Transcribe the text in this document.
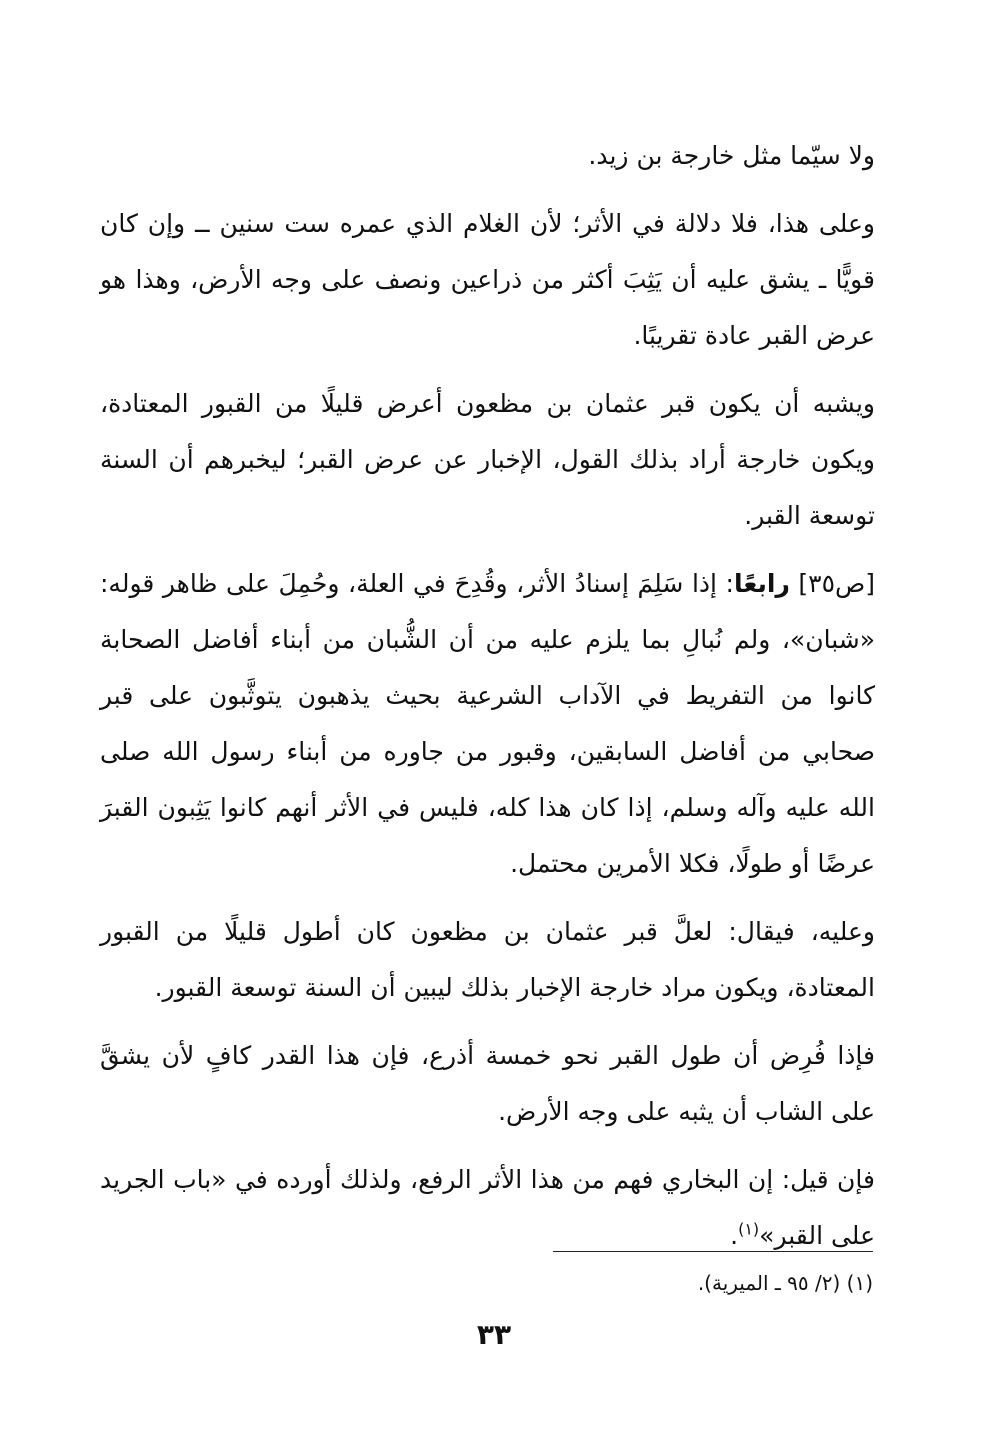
ولا سيّما مثل خارجة بن زيد.

وعلى هذا، فلا دلالة في الأثر؛ لأن الغلام الذي عمره ست سنين ــ وإن كان قويًّا ـ يشق عليه أن يَثِبَ أكثر من ذراعين ونصف على وجه الأرض، وهذا هو عرض القبر عادة تقريبًا.

ويشبه أن يكون قبر عثمان بن مظعون أعرض قليلًا من القبور المعتادة، ويكون خارجة أراد بذلك القول، الإخبار عن عرض القبر؛ ليخبرهم أن السنة توسعة القبر.

[ص٣٥] رابعًا: إذا سَلِمَ إسنادُ الأثر، وقُدِحَ في العلة، وحُمِلَ على ظاهر قوله: «شبان»، ولم نُبالِ بما يلزم عليه من أن الشُّبان من أبناء أفاضل الصحابة كانوا من التفريط في الآداب الشرعية بحيث يذهبون يتوثَّبون على قبر صحابي من أفاضل السابقين، وقبور من جاوره من أبناء رسول الله صلى الله عليه وآله وسلم، إذا كان هذا كله، فليس في الأثر أنهم كانوا يَثِبون القبرَ عرضًا أو طولًا، فكلا الأمرين محتمل.

وعليه، فيقال: لعلَّ قبر عثمان بن مظعون كان أطول قليلًا من القبور المعتادة، ويكون مراد خارجة الإخبار بذلك ليبين أن السنة توسعة القبور.

فإذا فُرِض أن طول القبر نحو خمسة أذرع، فإن هذا القدر كافٍ لأن يشقَّ على الشاب أن يثبه على وجه الأرض.

فإن قيل: إن البخاري فهم من هذا الأثر الرفع، ولذلك أورده في «باب الجريد على القبر»$^{(١)}$.

(١) (٢/ ٩٥ ـ الميرية).
٣٣
